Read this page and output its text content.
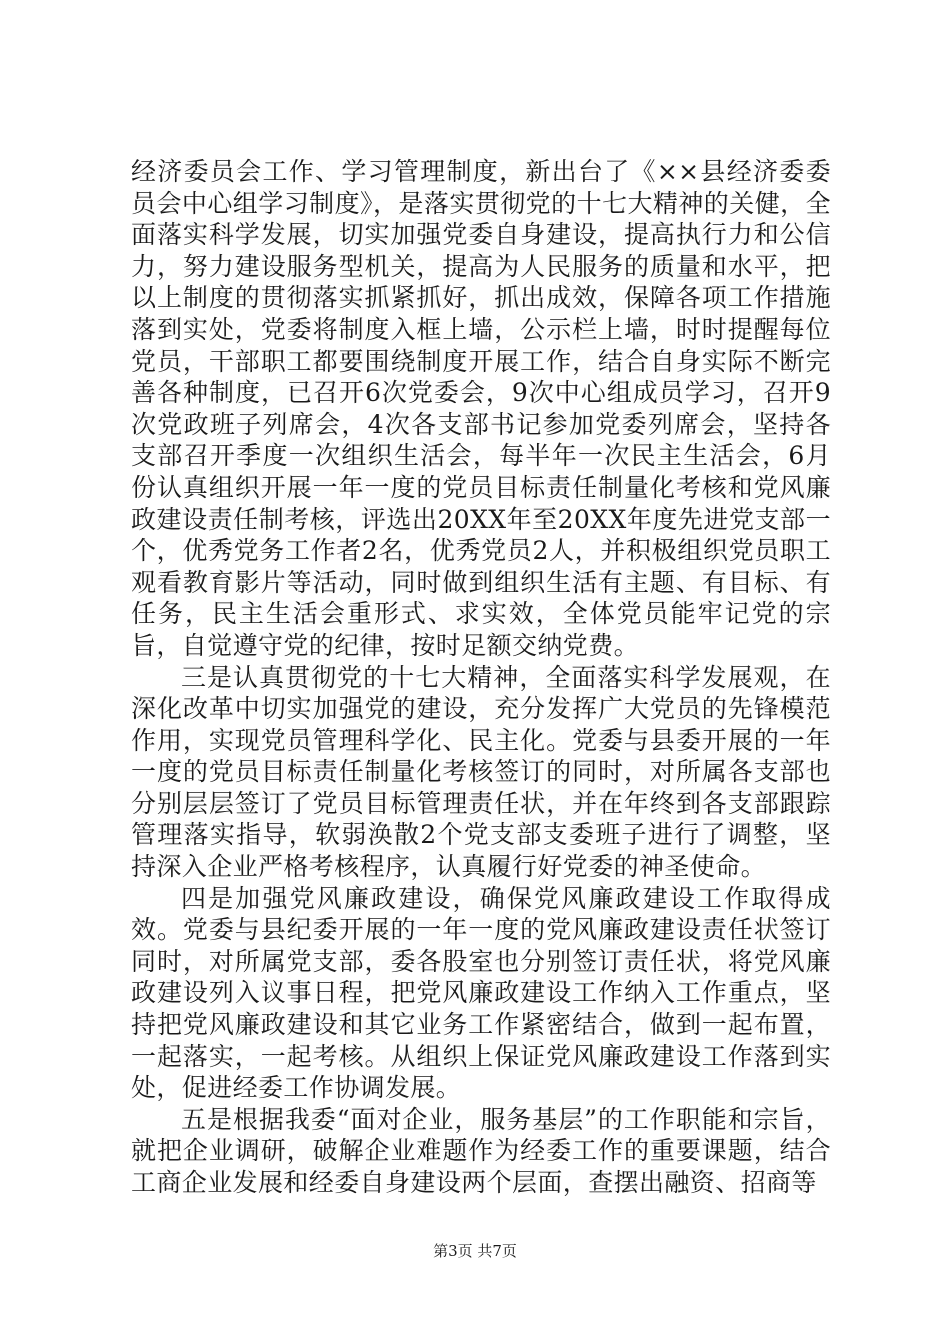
经济委员会工作、学习管理制度，新出台了《××县经济委委员会中心组学习制度》，是落实贯彻党的十七大精神的关健，全面落实科学发展，切实加强党委自身建设，提高执行力和公信力，努力建设服务型机关，提高为人民服务的质量和水平，把以上制度的贯彻落实抓紧抓好，抓出成效，保障各项工作措施落到实处，党委将制度入框上墙，公示栏上墙，时时提醒每位党员，干部职工都要围绕制度开展工作，结合自身实际不断完善各种制度，已召开6次党委会，9次中心组成员学习，召开9次党政班子列席会，4次各支部书记参加党委列席会，坚持各支部召开季度一次组织生活会，每半年一次民主生活会，6月份认真组织开展一年一度的党员目标责任制量化考核和党风廉政建设责任制考核，评选出20XX年至20XX年度先进党支部一个，优秀党务工作者2名，优秀党员2人，并积极组织党员职工观看教育影片等活动，同时做到组织生活有主题、有目标、有任务，民主生活会重形式、求实效，全体党员能牢记党的宗旨，自觉遵守党的纪律，按时足额交纳党费。

三是认真贯彻党的十七大精神，全面落实科学发展观，在深化改革中切实加强党的建设，充分发挥广大党员的先锋模范作用，实现党员管理科学化、民主化。党委与县委开展的一年一度的党员目标责任制量化考核签订的同时，对所属各支部也分别层层签订了党员目标管理责任状，并在年终到各支部跟踪管理落实指导，软弱涣散2个党支部支委班子进行了调整，坚持深入企业严格考核程序，认真履行好党委的神圣使命。

四是加强党风廉政建设，确保党风廉政建设工作取得成效。党委与县纪委开展的一年一度的党风廉政建设责任状签订同时，对所属党支部，委各股室也分别签订责任状，将党风廉政建设列入议事日程，把党风廉政建设工作纳入工作重点，坚持把党风廉政建设和其它业务工作紧密结合，做到一起布置，一起落实，一起考核。从组织上保证党风廉政建设工作落到实处，促进经委工作协调发展。

五是根据我委“面对企业，服务基层”的工作职能和宗旨，就把企业调研，破解企业难题作为经委工作的重要课题，结合工商企业发展和经委自身建设两个层面，查摆出融资、招商等

第3页 共7页
